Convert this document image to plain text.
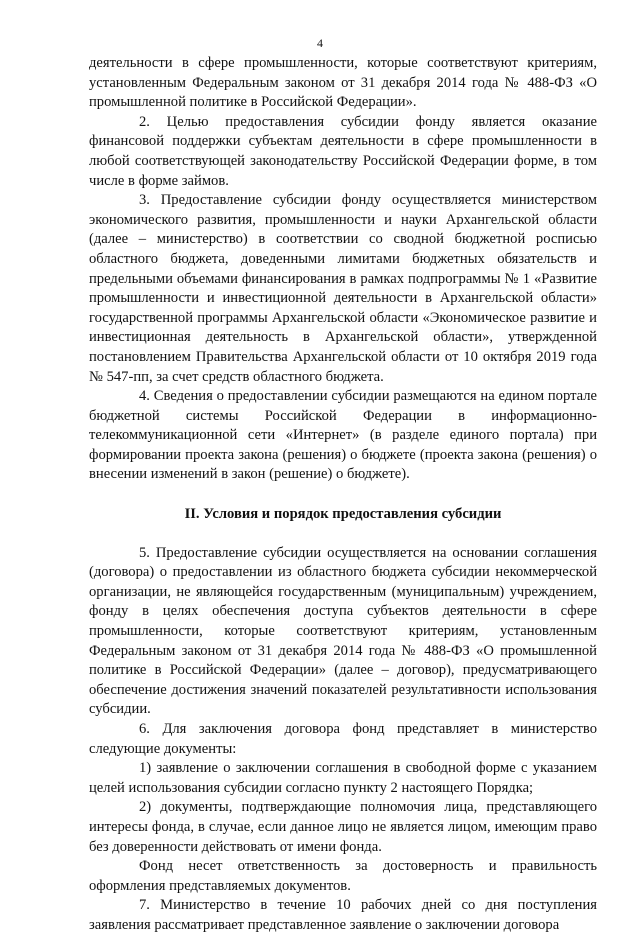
4

деятельности в сфере промышленности, которые соответствуют критериям, установленным Федеральным законом от 31 декабря 2014 года № 488-ФЗ «О промышленной политике в Российской Федерации».

2. Целью предоставления субсидии фонду является оказание финансовой поддержки субъектам деятельности в сфере промышленности в любой соответствующей законодательству Российской Федерации форме, в том числе в форме займов.

3. Предоставление субсидии фонду осуществляется министерством экономического развития, промышленности и науки Архангельской области (далее – министерство) в соответствии со сводной бюджетной росписью областного бюджета, доведенными лимитами бюджетных обязательств и предельными объемами финансирования в рамках подпрограммы № 1 «Развитие промышленности и инвестиционной деятельности в Архангельской области» государственной программы Архангельской области «Экономическое развитие и инвестиционная деятельность в Архангельской области», утвержденной постановлением Правительства Архангельской области от 10 октября 2019 года № 547-пп, за счет средств областного бюджета.

4. Сведения о предоставлении субсидии размещаются на едином портале бюджетной системы Российской Федерации в информационно-телекоммуникационной сети «Интернет» (в разделе единого портала) при формировании проекта закона (решения) о бюджете (проекта закона (решения) о внесении изменений в закон (решение) о бюджете).

II. Условия и порядок предоставления субсидии

5. Предоставление субсидии осуществляется на основании соглашения (договора) о предоставлении из областного бюджета субсидии некоммерческой организации, не являющейся государственным (муниципальным) учреждением, фонду в целях обеспечения доступа субъектов деятельности в сфере промышленности, которые соответствуют критериям, установленным Федеральным законом от 31 декабря 2014 года № 488-ФЗ «О промышленной политике в Российской Федерации» (далее – договор), предусматривающего обеспечение достижения значений показателей результативности использования субсидии.

6. Для заключения договора фонд представляет в министерство следующие документы:

1) заявление о заключении соглашения в свободной форме с указанием целей использования субсидии согласно пункту 2 настоящего Порядка;

2) документы, подтверждающие полномочия лица, представляющего интересы фонда, в случае, если данное лицо не является лицом, имеющим право без доверенности действовать от имени фонда.

Фонд несет ответственность за достоверность и правильность оформления представляемых документов.

7. Министерство в течение 10 рабочих дней со дня поступления заявления рассматривает представленное заявление о заключении договора
